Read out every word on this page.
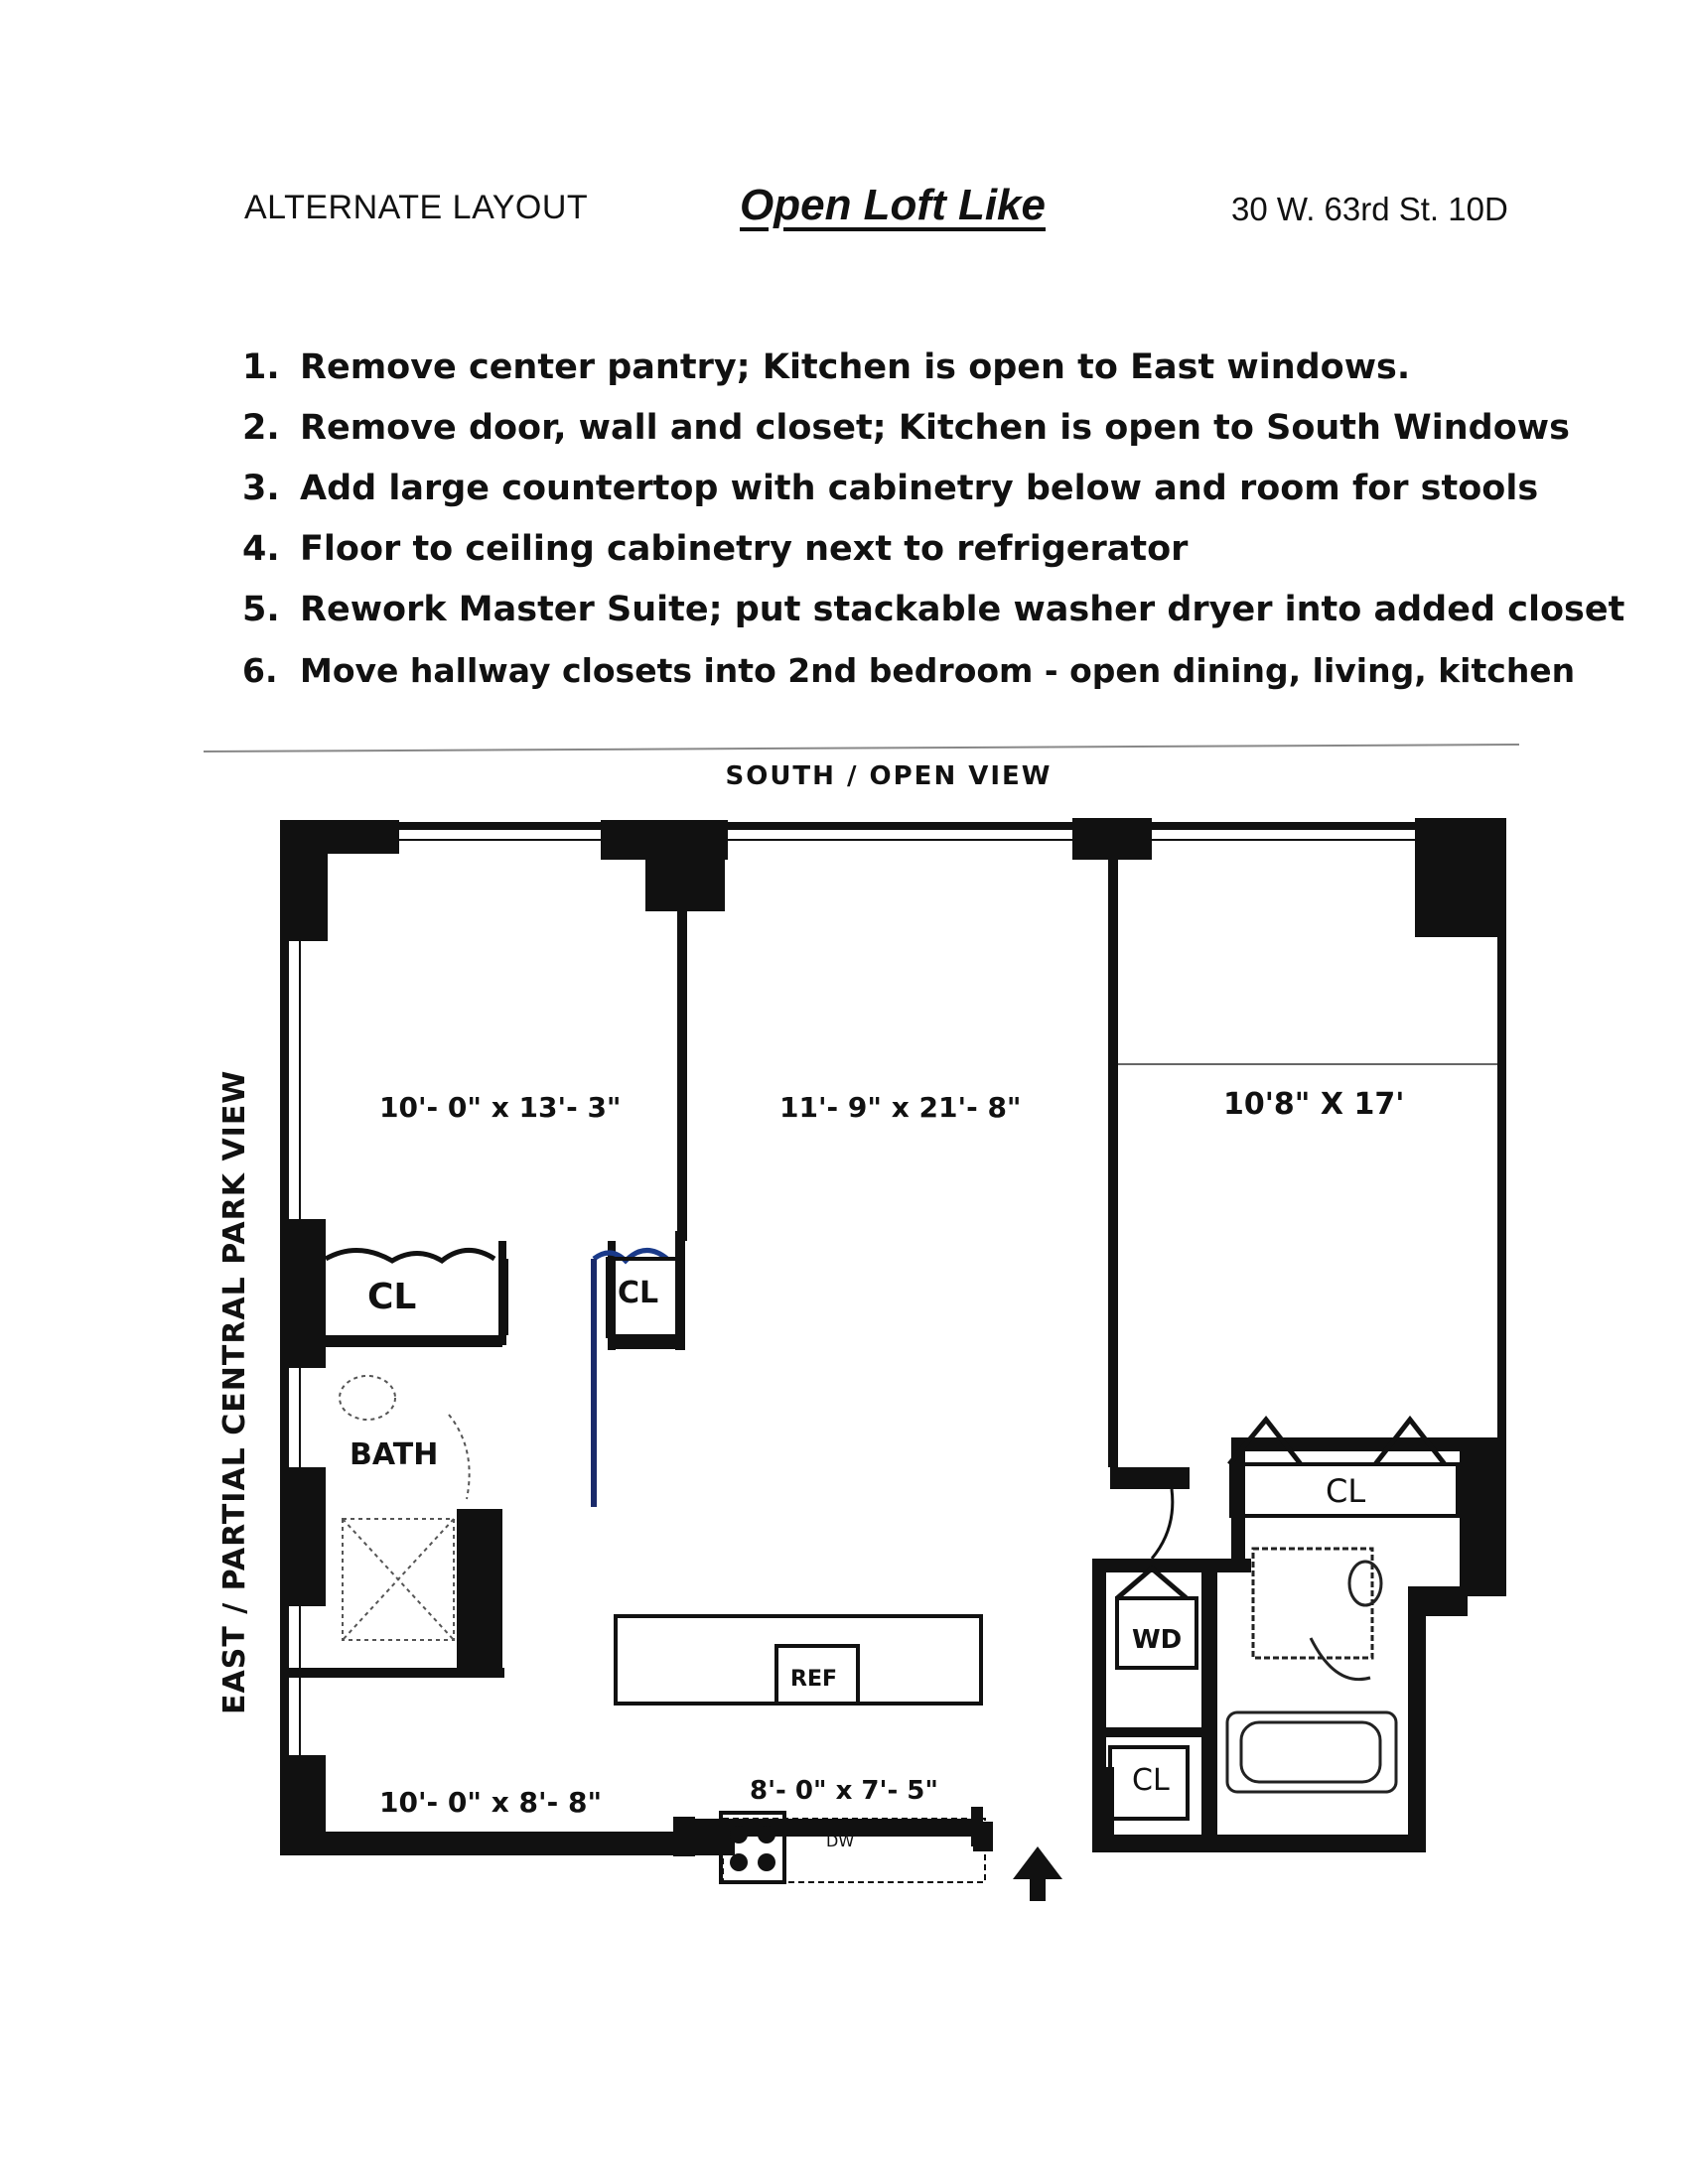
ALTERNATE LAYOUT	Open Loft Like	30 W. 63rd St. 10D
1. Remove center pantry; Kitchen is open to East windows.
2. Remove door, wall and closet; Kitchen is open to South Windows
3. Add large countertop with cabinetry below and room for stools
4. Floor to ceiling cabinetry next to refrigerator
5. Rework Master Suite; put stackable washer dryer into added closet
6. Move hallway closets into 2nd bedroom - open dining, living, kitchen
SOUTH / OPEN VIEW
EAST / PARTIAL CENTRAL PARK VIEW	10'- 0" x 13'- 3"	11'- 9" x 21'- 8"	10'8" X 17'
10'- 0" x 8'- 8"	8'- 0" x 7'- 5"
CL	CL
CL
CL
BATH
WD
REF
DW
